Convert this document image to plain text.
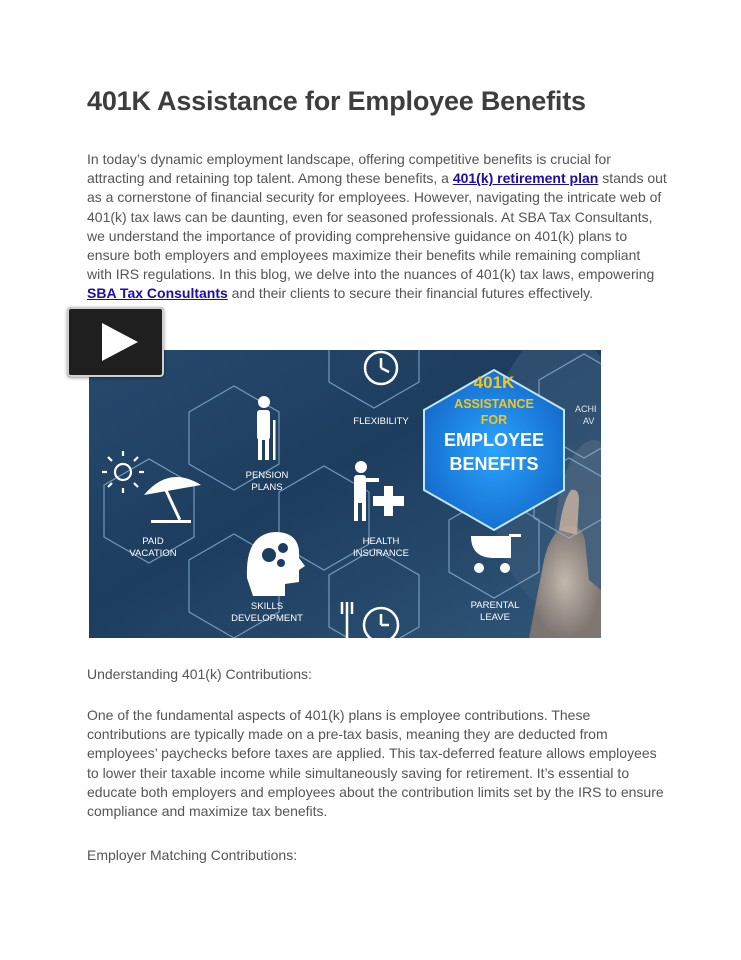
401K Assistance for Employee Benefits

In today’s dynamic employment landscape, offering competitive benefits is crucial for attracting and retaining top talent. Among these benefits, a 401(k) retirement plan stands out as a cornerstone of financial security for employees. However, navigating the intricate web of 401(k) tax laws can be daunting, even for seasoned professionals. At SBA Tax Consultants, we understand the importance of providing comprehensive guidance on 401(k) plans to ensure both employers and employees maximize their benefits while remaining compliant with IRS regulations. In this blog, we delve into the nuances of 401(k) tax laws, empowering SBA Tax Consultants and their clients to secure their financial futures effectively.

401K
ASSISTANCE
FOR
EMPLOYEE
BENEFITS
FLEXIBILITY
PENSION
PLANS
PAID
VACATION
HEALTH
INSURANCE
SKILLS
DEVELOPMENT
PARENTAL
LEAVE
ACHI
AV

Understanding 401(k) Contributions:

One of the fundamental aspects of 401(k) plans is employee contributions. These contributions are typically made on a pre-tax basis, meaning they are deducted from employees’ paychecks before taxes are applied. This tax-deferred feature allows employees to lower their taxable income while simultaneously saving for retirement. It’s essential to educate both employers and employees about the contribution limits set by the IRS to ensure compliance and maximize tax benefits.

Employer Matching Contributions:
